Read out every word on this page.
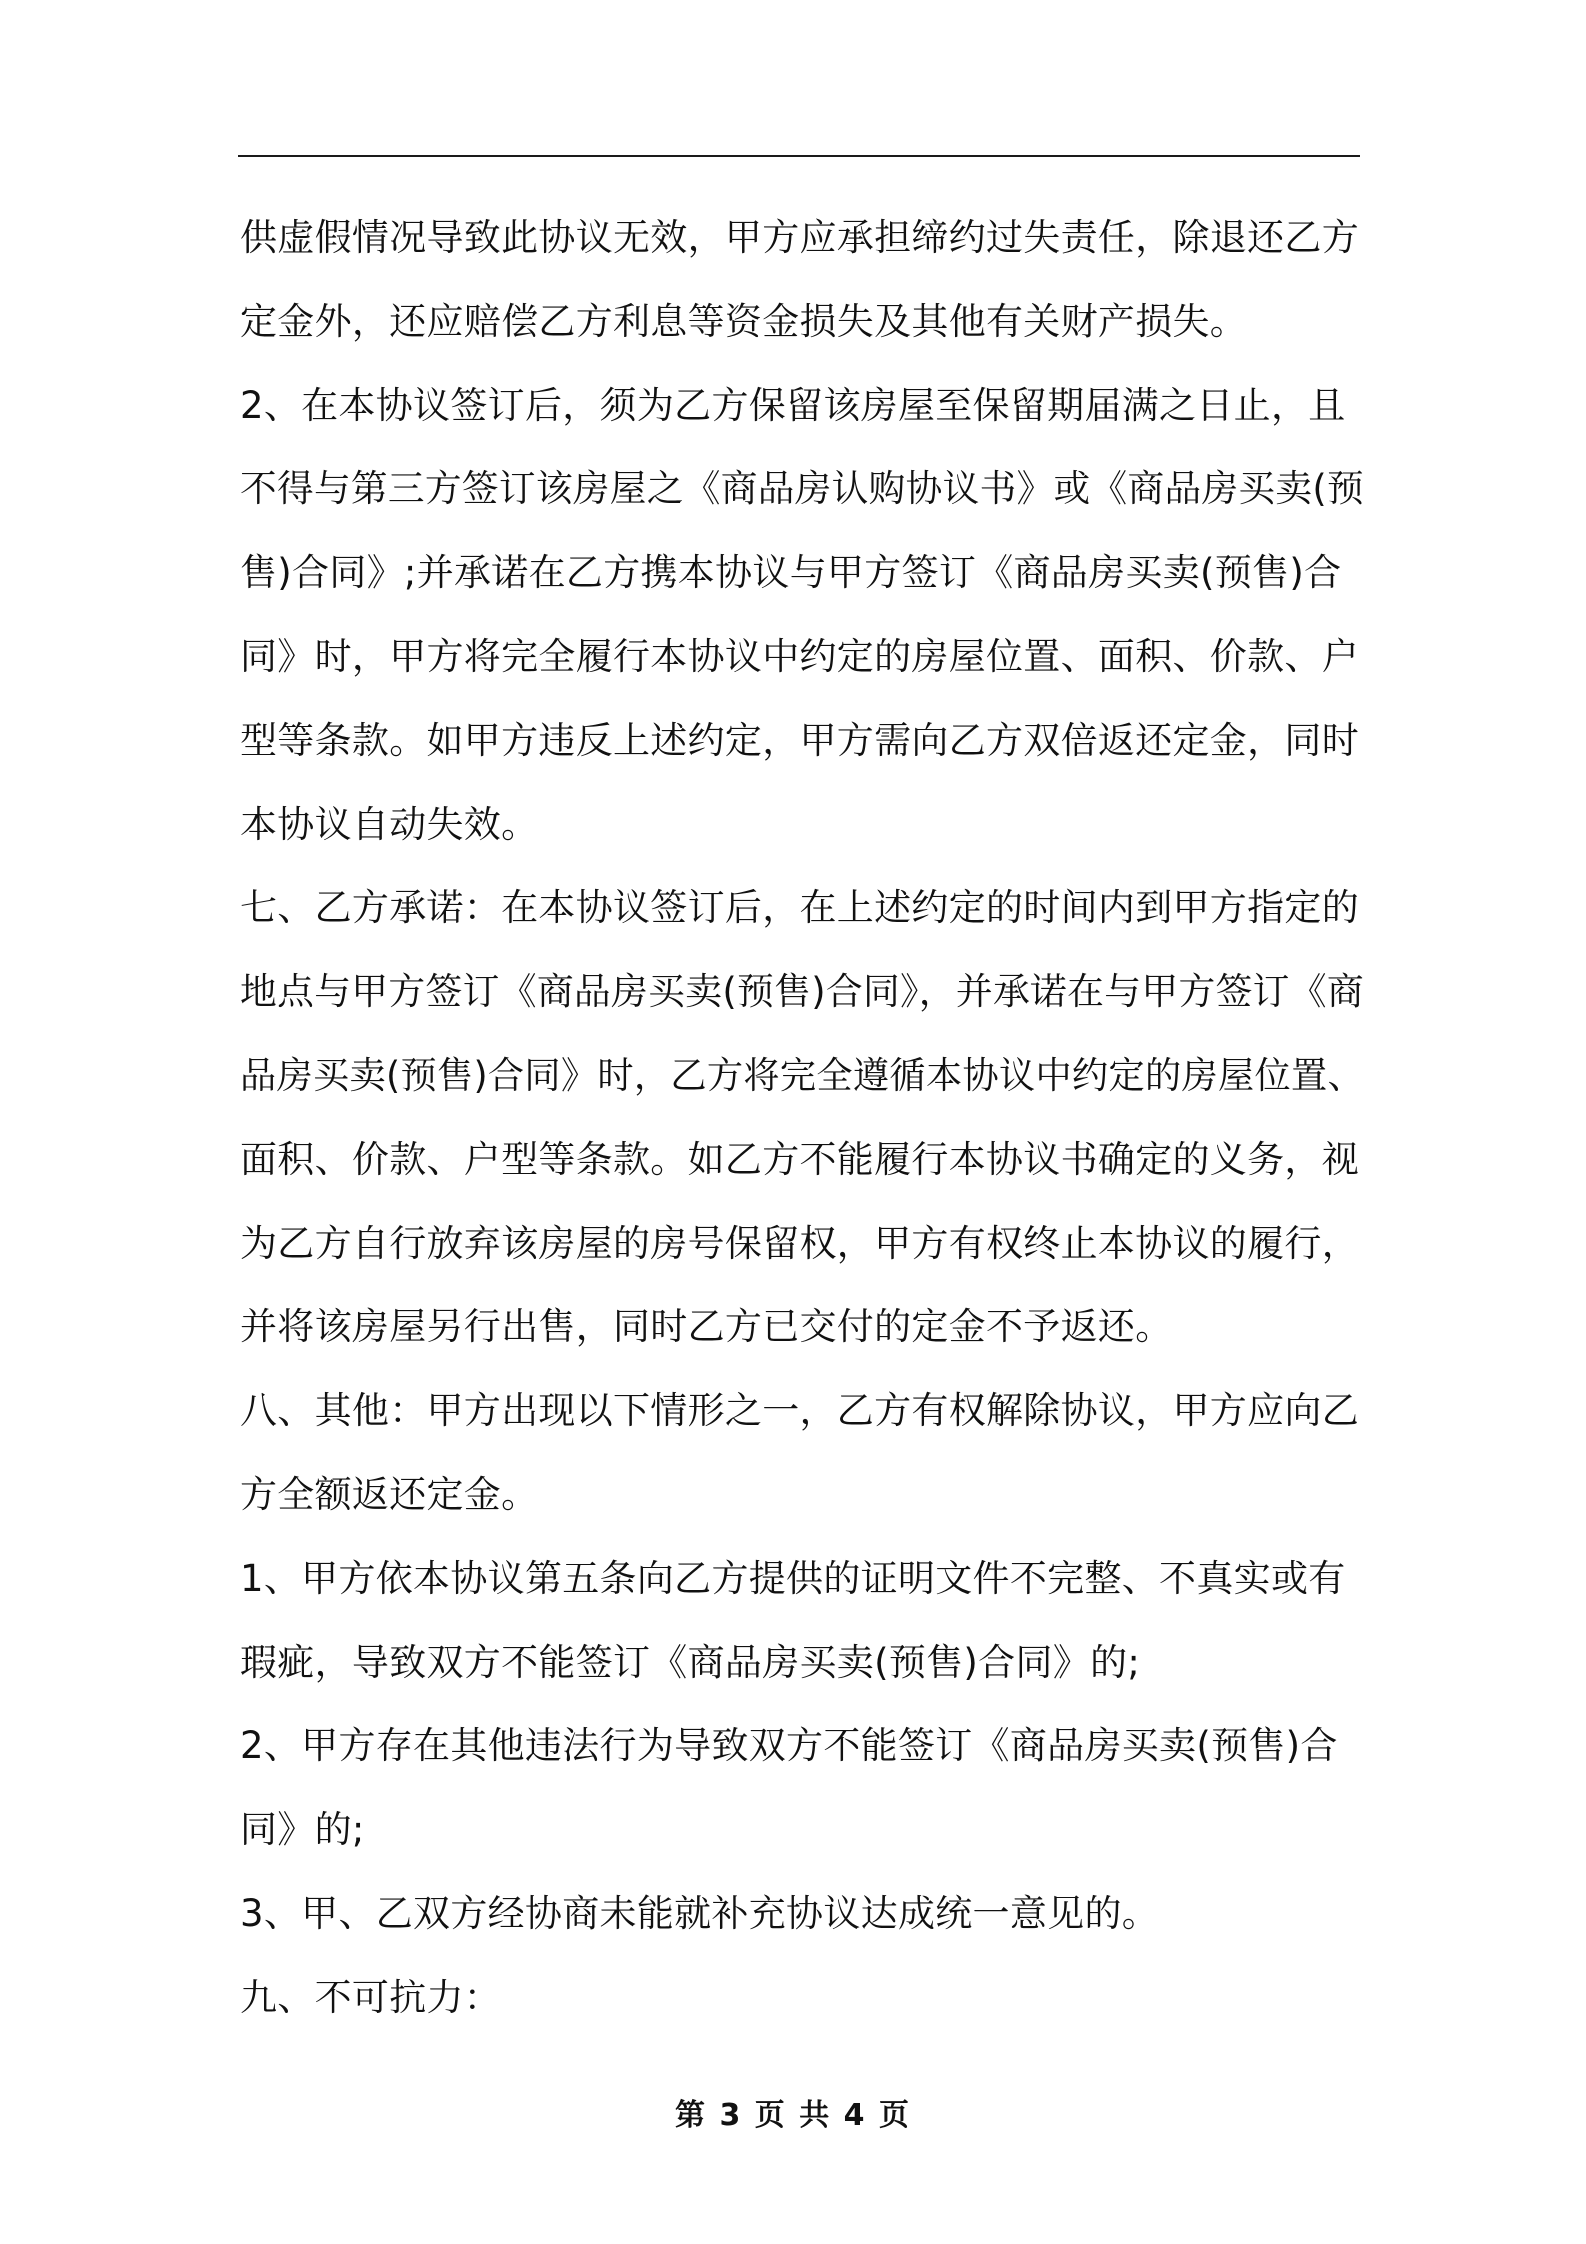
供虚假情况导致此协议无效，甲方应承担缔约过失责任，除退还乙方

定金外，还应赔偿乙方利息等资金损失及其他有关财产损失。

2、在本协议签订后，须为乙方保留该房屋至保留期届满之日止，且

不得与第三方签订该房屋之《商品房认购协议书》或《商品房买卖(预

售)合同》;并承诺在乙方携本协议与甲方签订《商品房买卖(预售)合

同》时，甲方将完全履行本协议中约定的房屋位置、面积、价款、户

型等条款。如甲方违反上述约定，甲方需向乙方双倍返还定金，同时

本协议自动失效。

七、乙方承诺：在本协议签订后，在上述约定的时间内到甲方指定的

地点与甲方签订《商品房买卖(预售)合同》，并承诺在与甲方签订《商

品房买卖(预售)合同》时，乙方将完全遵循本协议中约定的房屋位置、

面积、价款、户型等条款。如乙方不能履行本协议书确定的义务，视

为乙方自行放弃该房屋的房号保留权，甲方有权终止本协议的履行，

并将该房屋另行出售，同时乙方已交付的定金不予返还。

八、其他：甲方出现以下情形之一，乙方有权解除协议，甲方应向乙

方全额返还定金。

1、甲方依本协议第五条向乙方提供的证明文件不完整、不真实或有

瑕疵，导致双方不能签订《商品房买卖(预售)合同》的;

2、甲方存在其他违法行为导致双方不能签订《商品房买卖(预售)合

同》的;

3、甲、乙双方经协商未能就补充协议达成统一意见的。

九、不可抗力：

第 3 页 共 4 页
